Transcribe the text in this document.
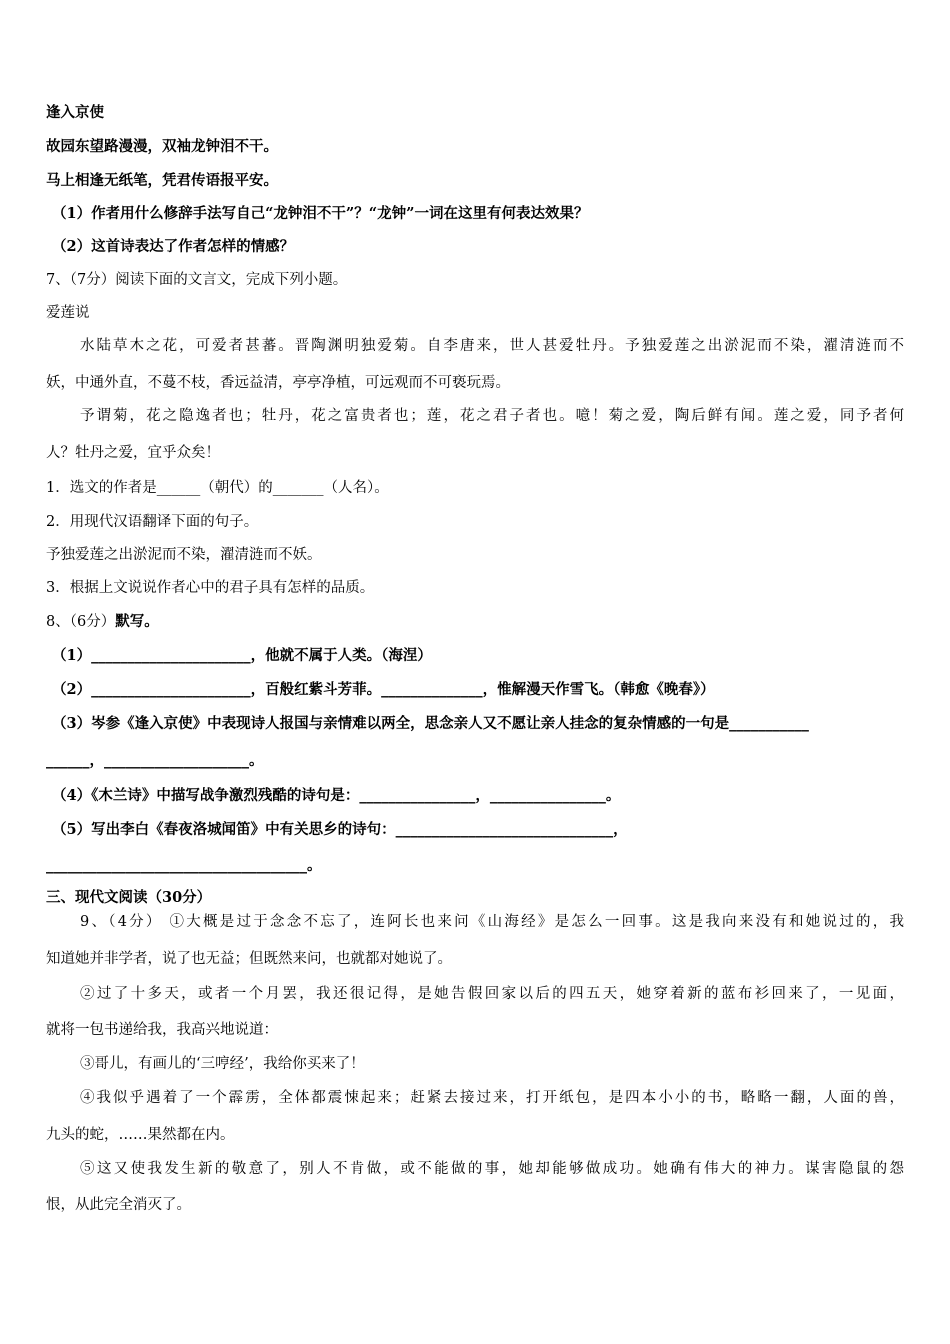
逢入京使
故园东望路漫漫，双袖龙钟泪不干。
马上相逢无纸笔，凭君传语报平安。
（1）作者用什么修辞手法写自己“龙钟泪不干”？“龙钟”一词在这里有何表达效果？
（2）这首诗表达了作者怎样的情感？
7、（7分）阅读下面的文言文，完成下列小题。
爱莲说
水陆草木之花，可爱者甚蕃。晋陶渊明独爱菊。自李唐来，世人甚爱牡丹。予独爱莲之出淤泥而不染，濯清涟而不
妖，中通外直，不蔓不枝，香远益清，亭亭净植，可远观而不可亵玩焉。
予谓菊，花之隐逸者也；牡丹，花之富贵者也；莲，花之君子者也。噫！菊之爱，陶后鲜有闻。莲之爱，同予者何
人？牡丹之爱，宜乎众矣！
1．选文的作者是______（朝代）的_______（人名）。
2．用现代汉语翻译下面的句子。
予独爱莲之出淤泥而不染，濯清涟而不妖。
3．根据上文说说作者心中的君子具有怎样的品质。
8、（6分）默写。
（1）______________________，他就不属于人类。（海涅）
（2）______________________，百般红紫斗芳菲。______________，惟解漫天作雪飞。（韩愈《晚春》）
（3）岑参《逢入京使》中表现诗人报国与亲情难以两全，思念亲人又不愿让亲人挂念的复杂情感的一句是___________
______，____________________。
（4）《木兰诗》中描写战争激烈残酷的诗句是：________________，________________。
（5）写出李白《春夜洛城闻笛》中有关思乡的诗句：______________________________，
____________________________________。
三、现代文阅读（30分）
9、（4分） ①大概是过于念念不忘了，连阿长也来问《山海经》是怎么一回事。这是我向来没有和她说过的，我
知道她并非学者，说了也无益；但既然来问，也就都对她说了。
②过了十多天，或者一个月罢，我还很记得，是她告假回家以后的四五天，她穿着新的蓝布衫回来了，一见面，
就将一包书递给我，我高兴地说道：
③哥儿，有画儿的‘三哼经’，我给你买来了！
④我似乎遇着了一个霹雳，全体都震悚起来；赶紧去接过来，打开纸包，是四本小小的书，略略一翻，人面的兽，
九头的蛇，……果然都在内。
⑤这又使我发生新的敬意了，别人不肯做，或不能做的事，她却能够做成功。她确有伟大的神力。谋害隐鼠的怨
恨，从此完全消灭了。
